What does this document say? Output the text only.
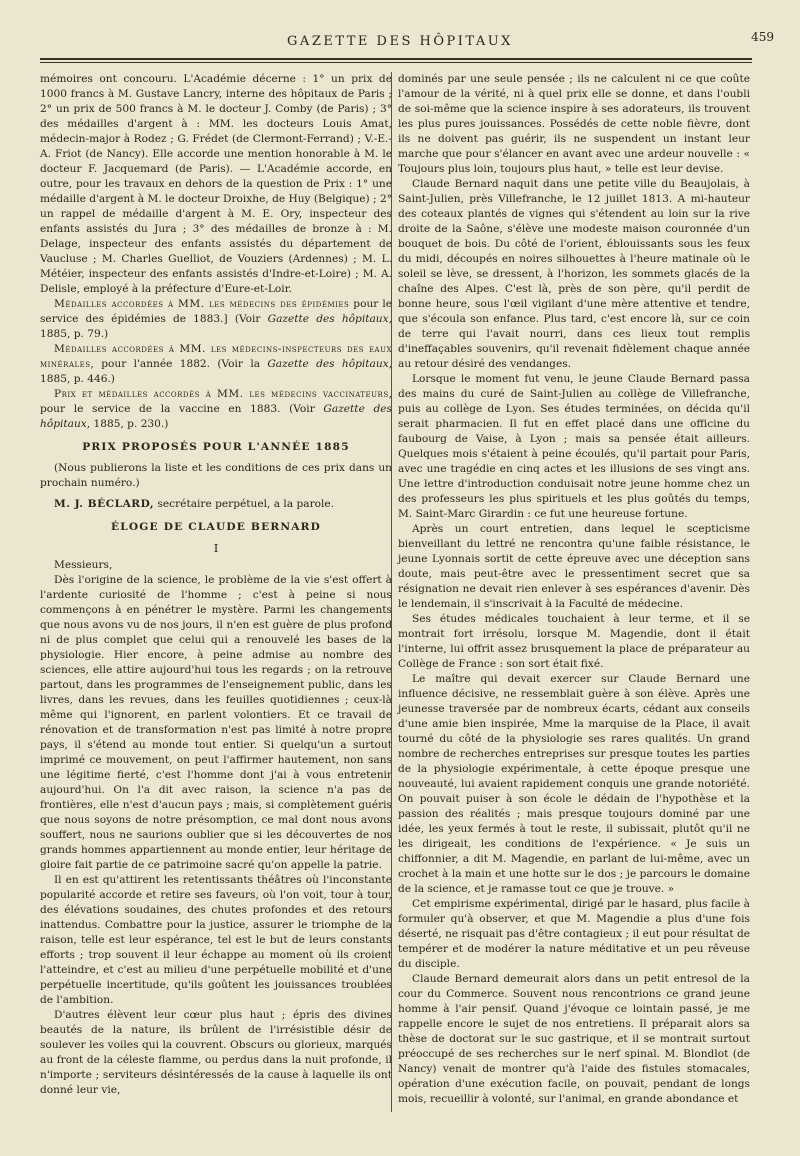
GAZETTE DES HÔPITAUX	459

mémoires ont concouru. L'Académie décerne : 1° un prix de 1000 francs à M. Gustave Lancry, interne des hôpitaux de Paris ; 2° un prix de 500 francs à M. le docteur J. Comby (de Paris) ; 3° des médailles d'argent à : MM. les docteurs Louis Amat, médecin-major à Rodez ; G. Frédet (de Clermont-Ferrand) ; V.-E.-A. Friot (de Nancy). Elle accorde une mention honorable à M. le docteur F. Jacquemard (de Paris). — L'Académie accorde, en outre, pour les travaux en dehors de la question de Prix : 1° une médaille d'argent à M. le docteur Droixhe, de Huy (Belgique) ; 2° un rappel de médaille d'argent à M. E. Ory, inspecteur des enfants assistés du Jura ; 3° des médailles de bronze à : M. Delage, inspecteur des enfants assistés du département de Vaucluse ; M. Charles Guelliot, de Vouziers (Ardennes) ; M. L. Météier, inspecteur des enfants assistés d'Indre-et-Loire) ; M. A. Delisle, employé à la préfecture d'Eure-et-Loir.

Médailles accordées à MM. les médecins des épidémies pour le service des épidémies de 1883.] (Voir Gazette des hôpitaux, 1885, p. 79.)

Médailles accordées à MM. les médecins-inspecteurs des eaux minérales, pour l'année 1882. (Voir la Gazette des hôpitaux, 1885, p. 446.)

Prix et médailles accordés à MM. les médecins vaccinateurs, pour le service de la vaccine en 1883. (Voir Gazette des hôpitaux, 1885, p. 230.)

PRIX PROPOSÉS POUR L'ANNÉE 1885

(Nous publierons la liste et les conditions de ces prix dans un prochain numéro.)

M. J. BÉCLARD, secrétaire perpétuel, a la parole.

ÉLOGE DE CLAUDE BERNARD
I

Messieurs,

Dès l'origine de la science, le problème de la vie s'est offert à l'ardente curiosité de l'homme ; c'est à peine si nous commençons à en pénétrer le mystère. Parmi les changements que nous avons vu de nos jours, il n'en est guère de plus profond ni de plus complet que celui qui a renouvelé les bases de la physiologie. Hier encore, à peine admise au nombre des sciences, elle attire aujourd'hui tous les regards ; on la retrouve partout, dans les programmes de l'enseignement public, dans les livres, dans les revues, dans les feuilles quotidiennes ; ceux-là même qui l'ignorent, en parlent volontiers. Et ce travail de rénovation et de transformation n'est pas limité à notre propre pays, il s'étend au monde tout entier. Si quelqu'un a surtout imprimé ce mouvement, on peut l'affirmer hautement, non sans une légitime fierté, c'est l'homme dont j'ai à vous entretenir aujourd'hui. On l'a dit avec raison, la science n'a pas de frontières, elle n'est d'aucun pays ; mais, si complètement guéris que nous soyons de notre présomption, ce mal dont nous avons souffert, nous ne saurions oublier que si les découvertes de nos grands hommes appartiennent au monde entier, leur héritage de gloire fait partie de ce patrimoine sacré qu'on appelle la patrie.

Il en est qu'attirent les retentissants théâtres où l'inconstante popularité accorde et retire ses faveurs, où l'on voit, tour à tour, des élévations soudaines, des chutes profondes et des retours inattendus. Combattre pour la justice, assurer le triomphe de la raison, telle est leur espérance, tel est le but de leurs constants efforts ; trop souvent il leur échappe au moment où ils croient l'atteindre, et c'est au milieu d'une perpétuelle mobilité et d'une perpétuelle incertitude, qu'ils goûtent les jouissances troublées de l'ambition.

D'autres élèvent leur cœur plus haut ; épris des divines beautés de la nature, ils brûlent de l'irrésistible désir de soulever les voiles qui la couvrent. Obscurs ou glorieux, marqués au front de la céleste flamme, ou perdus dans la nuit profonde, il n'importe ; serviteurs désintéressés de la cause à laquelle ils ont donné leur vie,

dominés par une seule pensée ; ils ne calculent ni ce que coûte l'amour de la vérité, ni à quel prix elle se donne, et dans l'oubli de soi-même que la science inspire à ses adorateurs, ils trouvent les plus pures jouissances. Possédés de cette noble fièvre, dont ils ne doivent pas guérir, ils ne suspendent un instant leur marche que pour s'élancer en avant avec une ardeur nouvelle : « Toujours plus loin, toujours plus haut, » telle est leur devise.

Claude Bernard naquit dans une petite ville du Beaujolais, à Saint-Julien, près Villefranche, le 12 juillet 1813. A mi-hauteur des coteaux plantés de vignes qui s'étendent au loin sur la rive droite de la Saône, s'élève une modeste maison couronnée d'un bouquet de bois. Du côté de l'orient, éblouissants sous les feux du midi, découpés en noires silhouettes à l'heure matinale où le soleil se lève, se dressent, à l'horizon, les sommets glacés de la chaîne des Alpes. C'est là, près de son père, qu'il perdit de bonne heure, sous l'œil vigilant d'une mère attentive et tendre, que s'écoula son enfance. Plus tard, c'est encore là, sur ce coin de terre qui l'avait nourri, dans ces lieux tout remplis d'ineffaçables souvenirs, qu'il revenait fidèlement chaque année au retour désiré des vendanges.

Lorsque le moment fut venu, le jeune Claude Bernard passa des mains du curé de Saint-Julien au collège de Villefranche, puis au collège de Lyon. Ses études terminées, on décida qu'il serait pharmacien. Il fut en effet placé dans une officine du faubourg de Vaise, à Lyon ; mais sa pensée était ailleurs. Quelques mois s'étaient à peine écoulés, qu'il partait pour Paris, avec une tragédie en cinq actes et les illusions de ses vingt ans. Une lettre d'introduction conduisait notre jeune homme chez un des professeurs les plus spirituels et les plus goûtés du temps, M. Saint-Marc Girardin : ce fut une heureuse fortune.

Après un court entretien, dans lequel le scepticisme bienveillant du lettré ne rencontra qu'une faible résistance, le jeune Lyonnais sortit de cette épreuve avec une déception sans doute, mais peut-être avec le pressentiment secret que sa résignation ne devait rien enlever à ses espérances d'avenir. Dès le lendemain, il s'inscrivait à la Faculté de médecine.

Ses études médicales touchaient à leur terme, et il se montrait fort irrésolu, lorsque M. Magendie, dont il était l'interne, lui offrit assez brusquement la place de préparateur au Collège de France : son sort était fixé.

Le maître qui devait exercer sur Claude Bernard une influence décisive, ne ressemblait guère à son élève. Après une jeunesse traversée par de nombreux écarts, cédant aux conseils d'une amie bien inspirée, Mme la marquise de la Place, il avait tourné du côté de la physiologie ses rares qualités. Un grand nombre de recherches entreprises sur presque toutes les parties de la physiologie expérimentale, à cette époque presque une nouveauté, lui avaient rapidement conquis une grande notoriété. On pouvait puiser à son école le dédain de l'hypothèse et la passion des réalités ; mais presque toujours dominé par une idée, les yeux fermés à tout le reste, il subissait, plutôt qu'il ne les dirigeait, les conditions de l'expérience. « Je suis un chiffonnier, a dit M. Magendie, en parlant de lui-même, avec un crochet à la main et une hotte sur le dos ; je parcours le domaine de la science, et je ramasse tout ce que je trouve. »

Cet empirisme expérimental, dirigé par le hasard, plus facile à formuler qu'à observer, et que M. Magendie a plus d'une fois déserté, ne risquait pas d'être contagieux ; il eut pour résultat de tempérer et de modérer la nature méditative et un peu rêveuse du disciple.

Claude Bernard demeurait alors dans un petit entresol de la cour du Commerce. Souvent nous rencontrions ce grand jeune homme à l'air pensif. Quand j'évoque ce lointain passé, je me rappelle encore le sujet de nos entretiens. Il préparait alors sa thèse de doctorat sur le suc gastrique, et il se montrait surtout préoccupé de ses recherches sur le nerf spinal. M. Blondlot (de Nancy) venait de montrer qu'à l'aide des fistules stomacales, opération d'une exécution facile, on pouvait, pendant de longs mois, recueillir à volonté, sur l'animal, en grande abondance et
